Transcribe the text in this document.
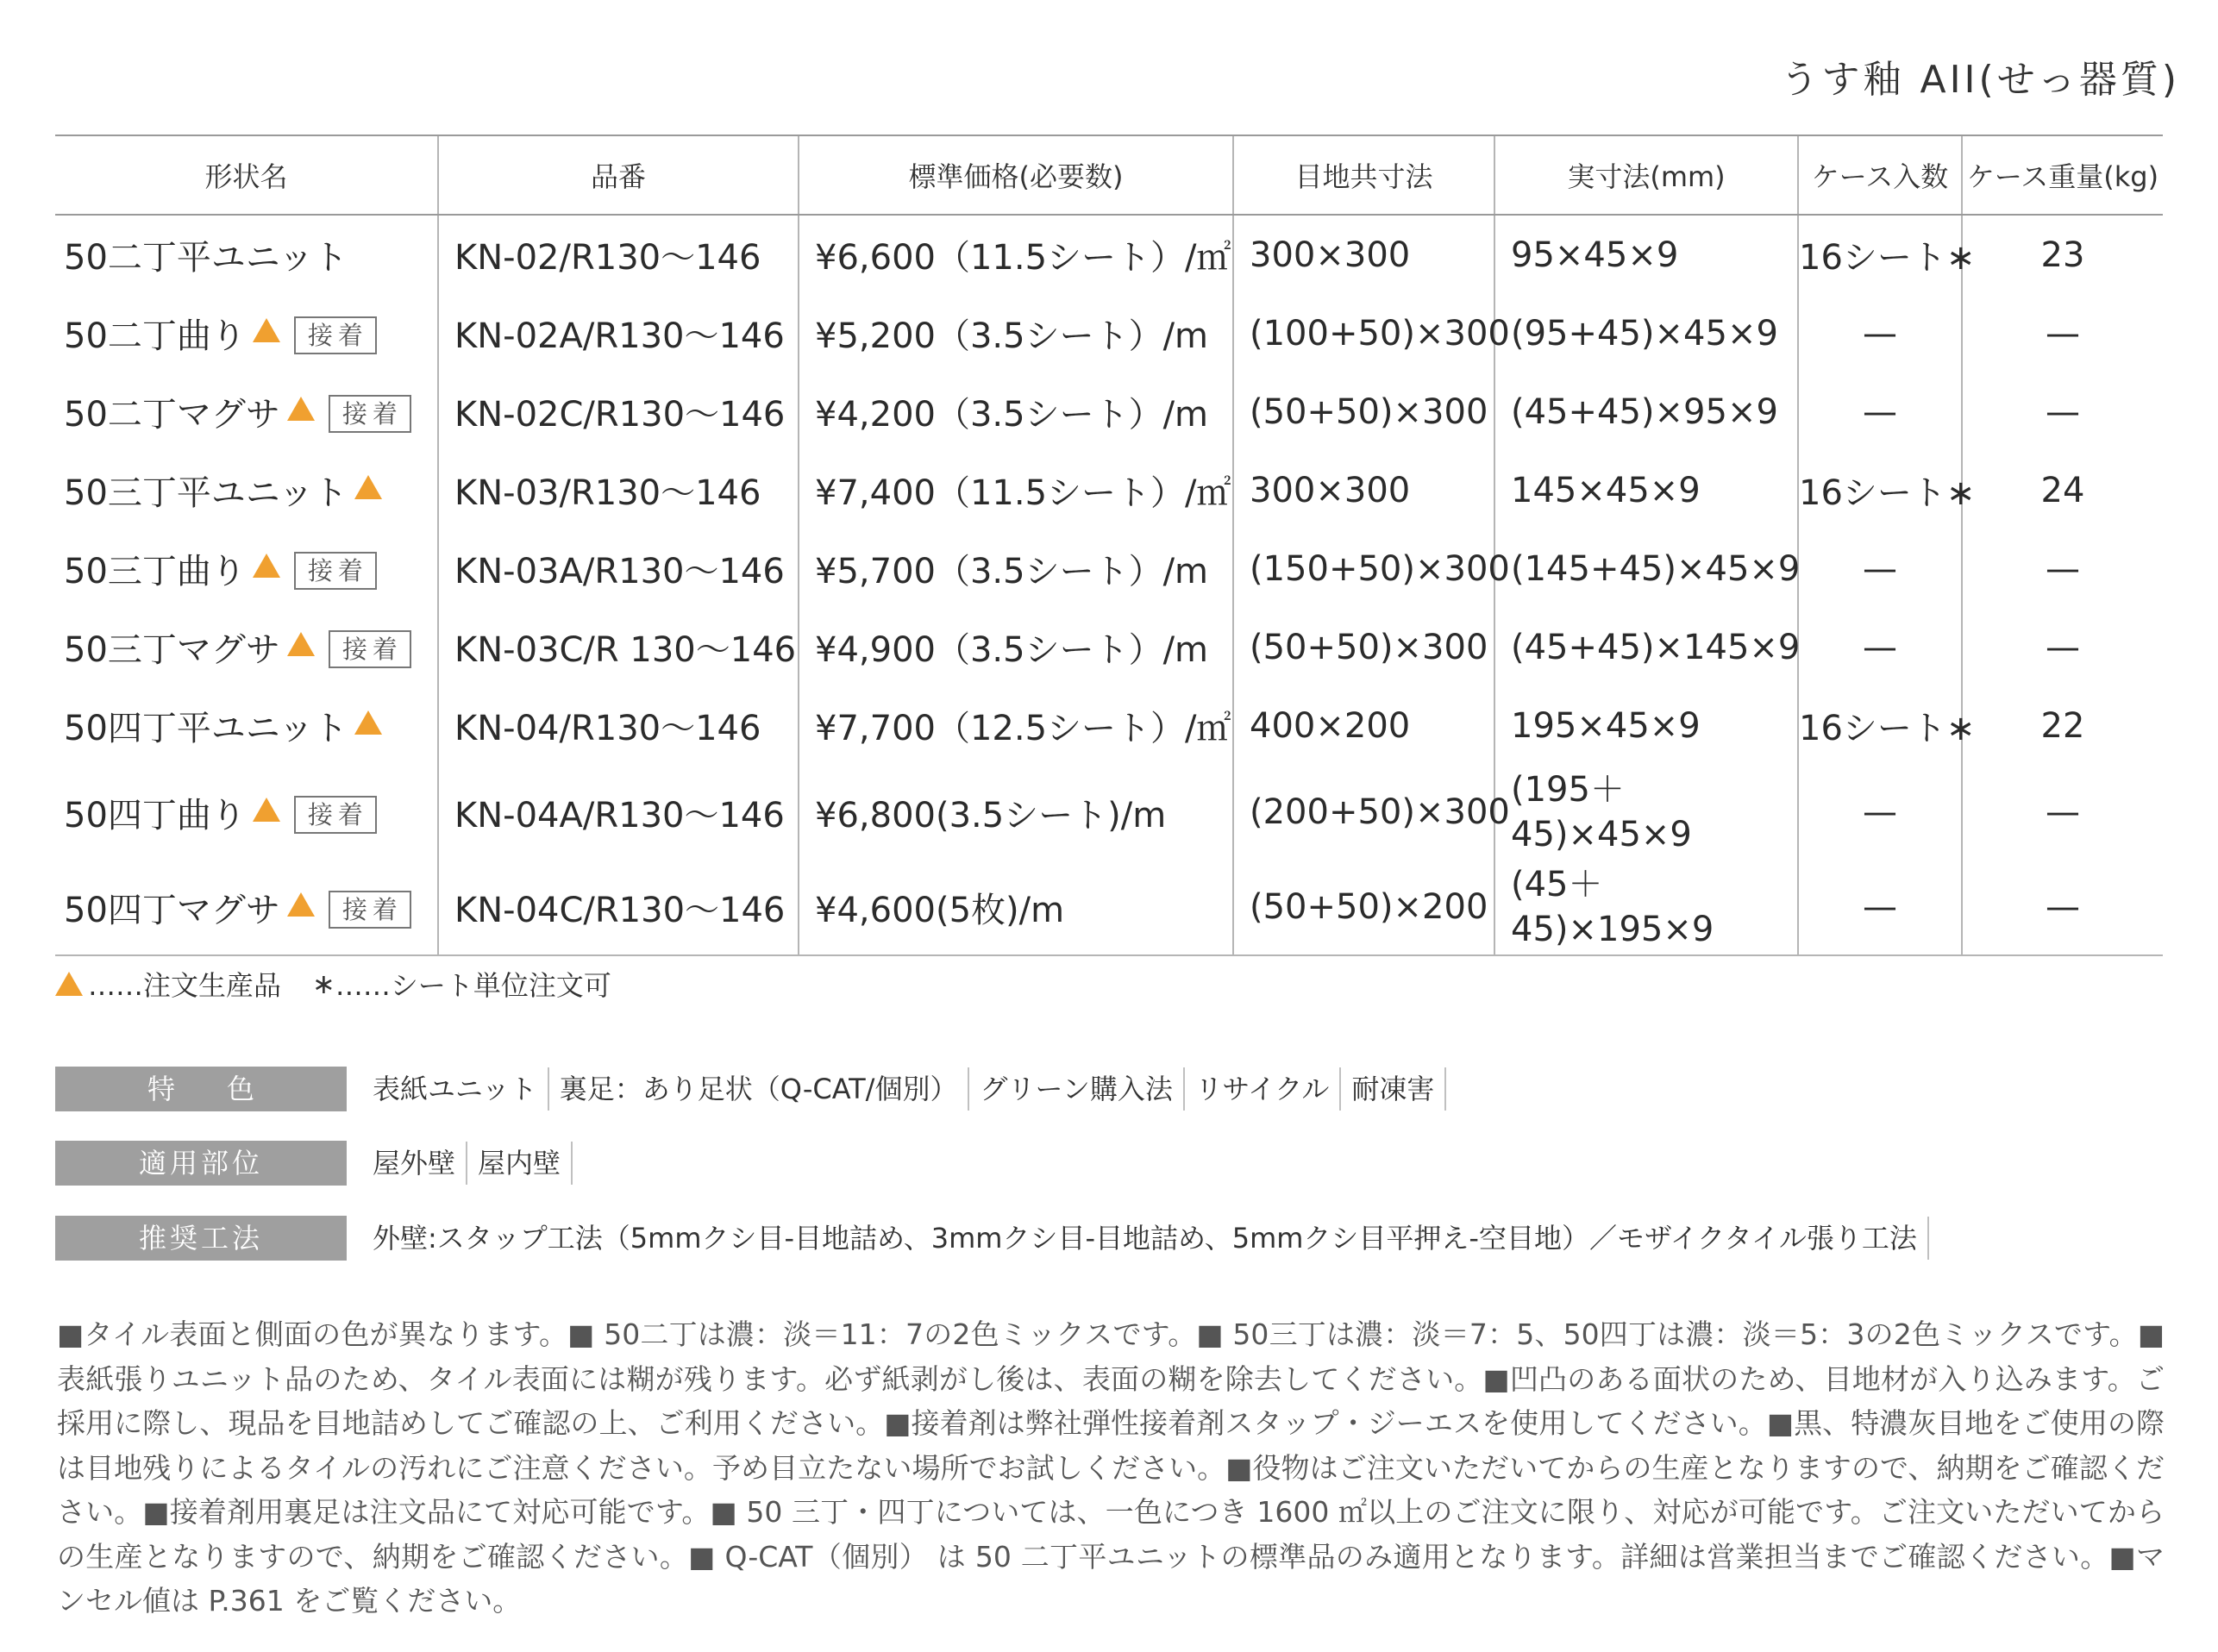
うす釉 AII(せっ器質)
形状名	品番	標準価格(必要数)	目地共寸法	実寸法(mm)	ケース入数	ケース重量(kg)
50二丁平ユニット	KN-02/R130〜146	¥6,600（11.5シート）/㎡	300×300	95×45×9	16シート∗	23
50二丁曲り 接着	KN-02A/R130〜146	¥5,200（3.5シート）/m	(100+50)×300	(95+45)×45×9	—	—
50二丁マグサ 接着	KN-02C/R130〜146	¥4,200（3.5シート）/m	(50+50)×300	(45+45)×95×9	—	—
50三丁平ユニット	KN-03/R130〜146	¥7,400（11.5シート）/㎡	300×300	145×45×9	16シート∗	24
50三丁曲り 接着	KN-03A/R130〜146	¥5,700（3.5シート）/m	(150+50)×300	(145+45)×45×9	—	—
50三丁マグサ 接着	KN-03C/R 130〜146	¥4,900（3.5シート）/m	(50+50)×300	(45+45)×145×9	—	—
50四丁平ユニット	KN-04/R130〜146	¥7,700（12.5シート）/㎡	400×200	195×45×9	16シート∗	22
50四丁曲り 接着	KN-04A/R130〜146	¥6,800(3.5シート)/m	(200+50)×300	(195＋45)×45×9	—	—
50四丁マグサ 接着	KN-04C/R130〜146	¥4,600(5枚)/m	(50+50)×200	(45＋45)×195×9	—	—
……注文生産品 ∗ ……シート単位注文可
特色	表紙ユニット 裏足：あり足状（Q-CAT/個別） グリーン購入法 リサイクル 耐凍害
適用部位	屋外壁 屋内壁
推奨工法	外壁:スタップ工法（5mmクシ目-目地詰め、3mmクシ目-目地詰め、5mmクシ目平押え-空目地）／モザイクタイル張り工法
■タイル表面と側面の色が異なります。■ 50二丁は濃：淡＝11：7の2色ミックスです。■ 50三丁は濃：淡＝7：5、50四丁は濃：淡＝5：3の2色ミックスです。■表紙張りユニット品のため、タイル表面には糊が残ります。必ず紙剥がし後は、表面の糊を除去してください。■凹凸のある面状のため、目地材が入り込みます。ご採用に際し、現品を目地詰めしてご確認の上、ご利用ください。■接着剤は弊社弾性接着剤スタップ・ジーエスを使用してください。■黒、特濃灰目地をご使用の際は目地残りによるタイルの汚れにご注意ください。予め目立たない場所でお試しください。■役物はご注文いただいてからの生産となりますので、納期をご確認ください。■接着剤用裏足は注文品にて対応可能です。■ 50 三丁・四丁については、一色につき 1600 ㎡以上のご注文に限り、対応が可能です。ご注文いただいてからの生産となりますので、納期をご確認ください。■ Q-CAT（個別） は 50 二丁平ユニットの標準品のみ適用となります。詳細は営業担当までご確認ください。■マンセル値は P.361 をご覧ください。
